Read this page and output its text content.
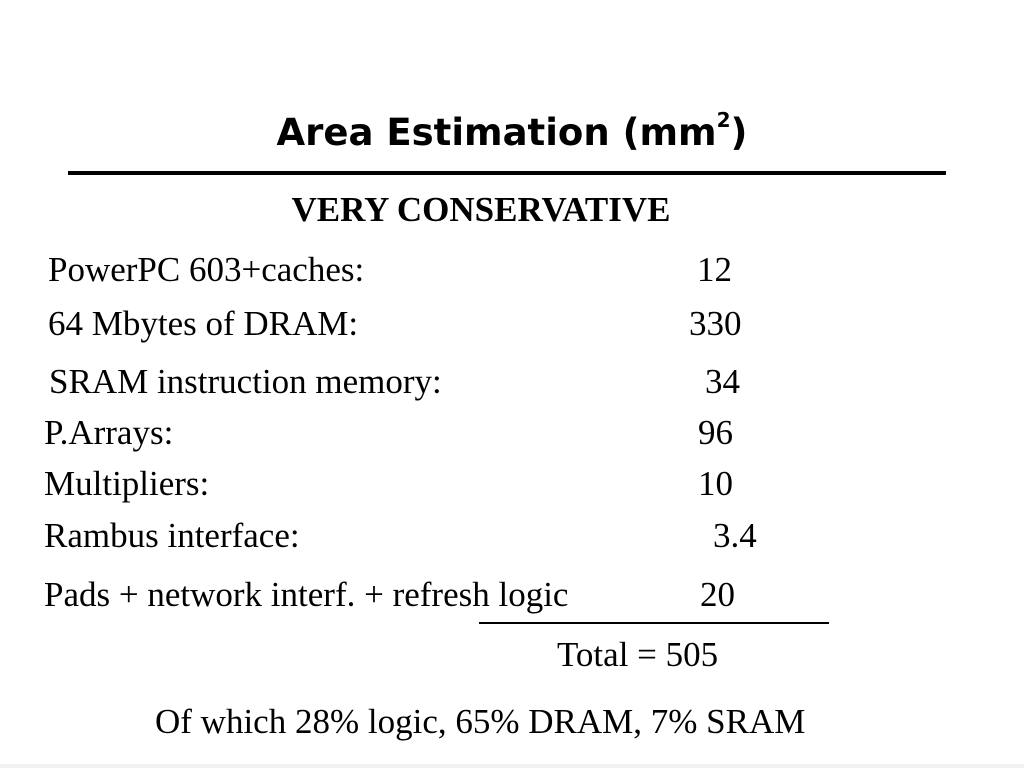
Area Estimation $(mm^2)$
VERY CONSERVATIVE
PowerPC 603+caches:	12
64 Mbytes of DRAM:	330
SRAM instruction memory:	34
P.Arrays:	96
Multipliers:	10
Rambus interface:	3.4
Pads + network interf. + refresh logic	20
Total = 505
Of which 28% logic, 65% DRAM, 7% SRAM
